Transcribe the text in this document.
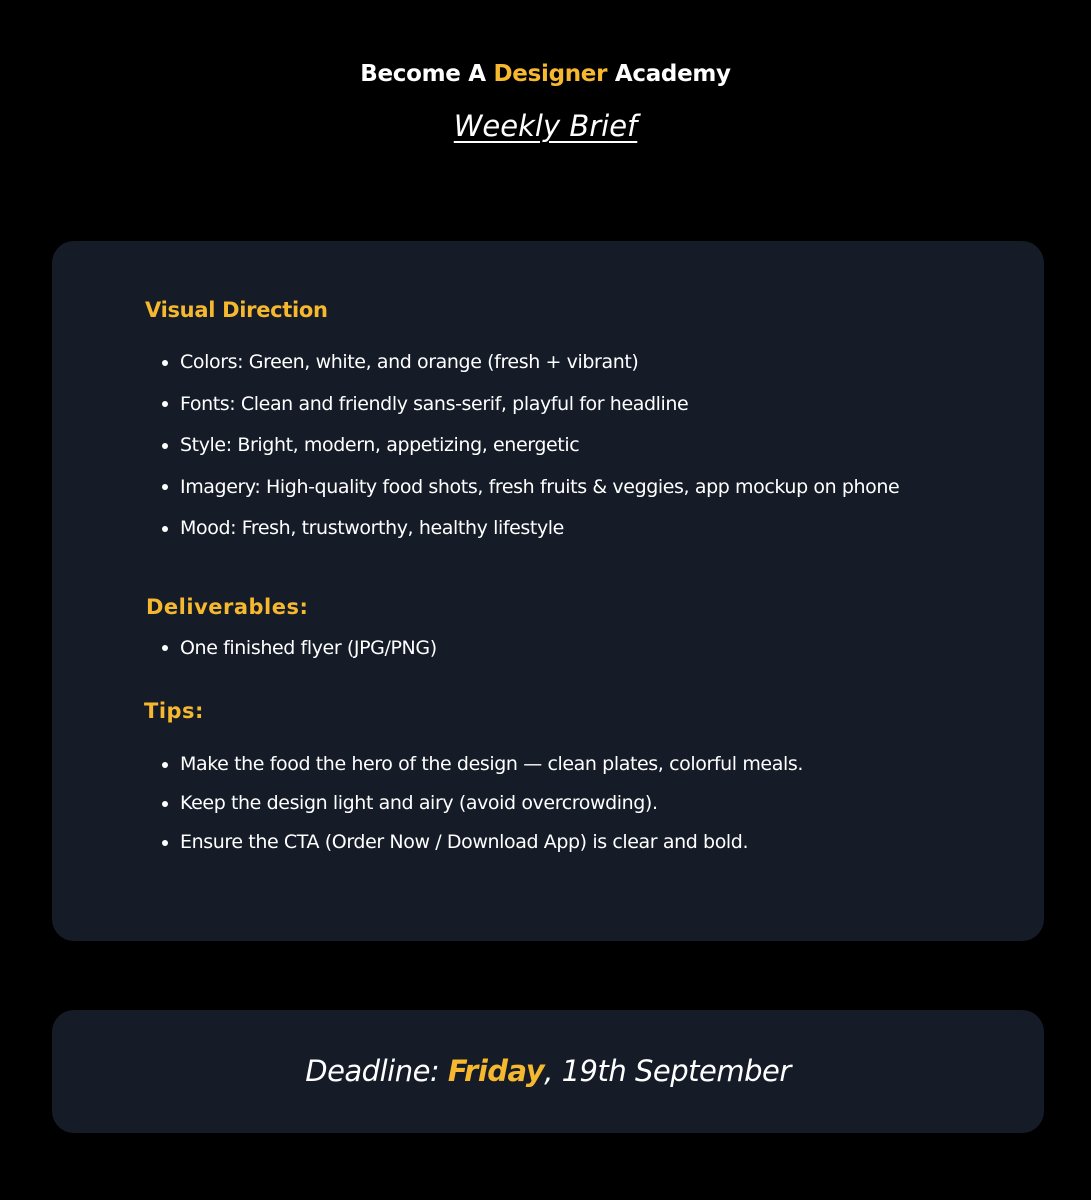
Become A Designer Academy
Weekly Brief
Visual Direction
Colors: Green, white, and orange (fresh + vibrant)
Fonts: Clean and friendly sans-serif, playful for headline
Style: Bright, modern, appetizing, energetic
Imagery: High-quality food shots, fresh fruits & veggies, app mockup on phone
Mood: Fresh, trustworthy, healthy lifestyle
Deliverables:
One finished flyer (JPG/PNG)
Tips:
Make the food the hero of the design — clean plates, colorful meals.
Keep the design light and airy (avoid overcrowding).
Ensure the CTA (Order Now / Download App) is clear and bold.
Deadline: Friday, 19th September
